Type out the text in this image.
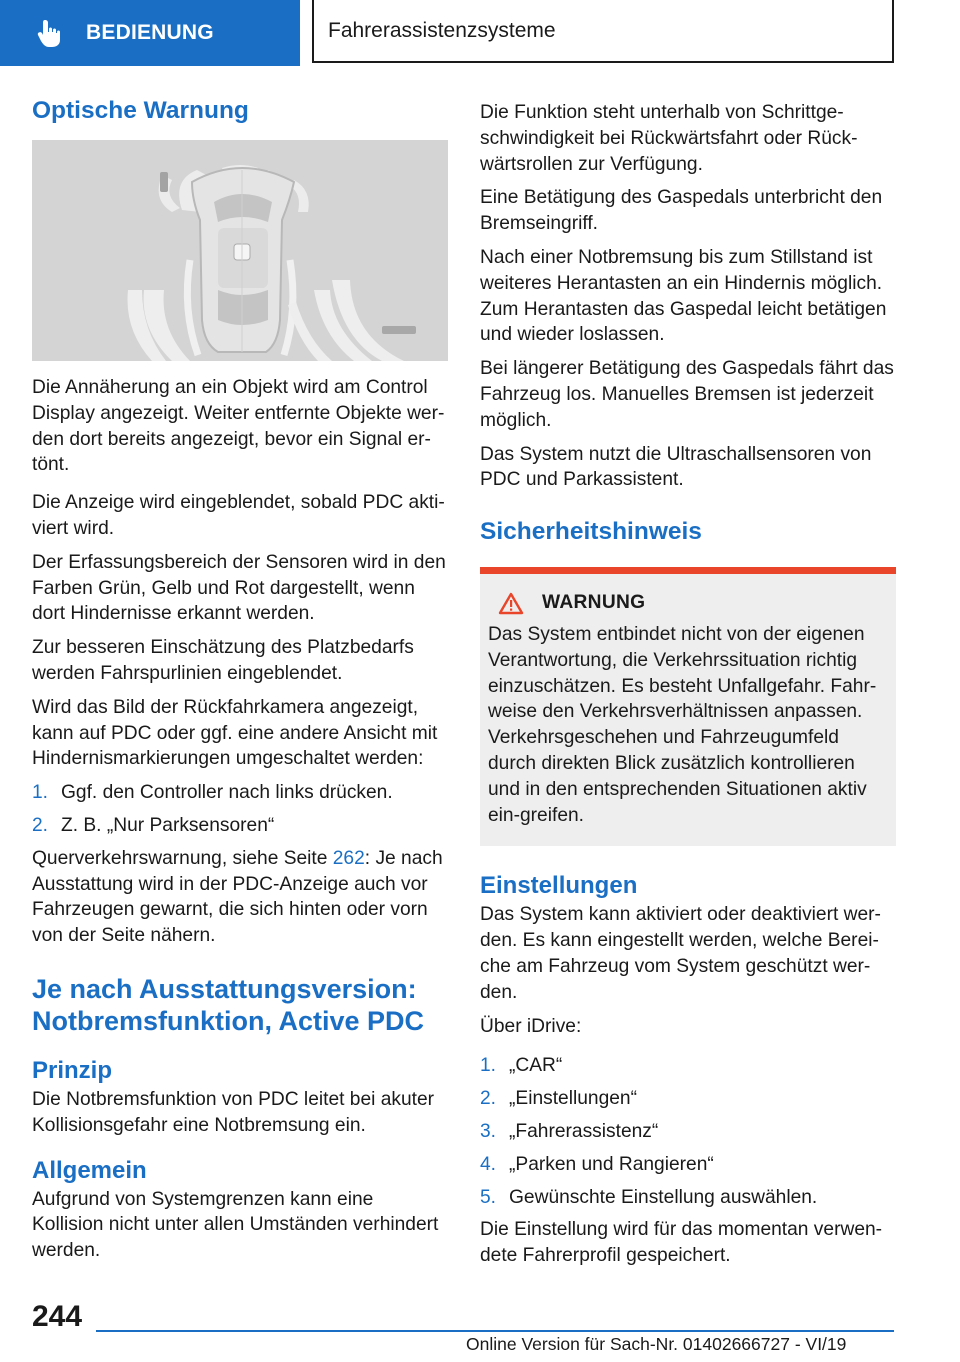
BEDIENUNG	Fahrerassistenzsysteme
Optische Warnung

Die Annäherung an ein Objekt wird am Control Display angezeigt. Weiter entfernte Objekte wer‐den dort bereits angezeigt, bevor ein Signal er‐tönt.

Die Anzeige wird eingeblendet, sobald PDC akti‐viert wird.

Der Erfassungsbereich der Sensoren wird in den Farben Grün, Gelb und Rot dargestellt, wenn dort Hindernisse erkannt werden.

Zur besseren Einschätzung des Platzbedarfs werden Fahrspurlinien eingeblendet.

Wird das Bild der Rückfahrkamera angezeigt, kann auf PDC oder ggf. eine andere Ansicht mit Hindernismarkierungen umgeschaltet werden:

1. Ggf. den Controller nach links drücken.
2. Z. B. „Nur Parksensoren“

Querverkehrswarnung, siehe Seite 262: Je nach Ausstattung wird in der PDC-Anzeige auch vor Fahrzeugen gewarnt, die sich hinten oder vorn von der Seite nähern.

Je nach Ausstattungsversion: Notbremsfunktion, Active PDC
Prinzip

Die Notbremsfunktion von PDC leitet bei akuter Kollisionsgefahr eine Notbremsung ein.

Allgemein

Aufgrund von Systemgrenzen kann eine Kollision nicht unter allen Umständen verhindert werden.

Die Funktion steht unterhalb von Schrittge‐schwindigkeit bei Rückwärtsfahrt oder Rück‐wärtsrollen zur Verfügung.

Eine Betätigung des Gaspedals unterbricht den Bremseingriff.

Nach einer Notbremsung bis zum Stillstand ist weiteres Herantasten an ein Hindernis möglich. Zum Herantasten das Gaspedal leicht betätigen und wieder loslassen.

Bei längerer Betätigung des Gaspedals fährt das Fahrzeug los. Manuelles Bremsen ist jederzeit möglich.

Das System nutzt die Ultraschallsensoren von PDC und Parkassistent.

Sicherheitshinweis
WARNUNG

Das System entbindet nicht von der eigenen Verantwortung, die Verkehrssituation richtig einzuschätzen. Es besteht Unfallgefahr. Fahr‐weise den Verkehrsverhältnissen anpassen. Verkehrsgeschehen und Fahrzeugumfeld durch direkten Blick zusätzlich kontrollieren und in den entsprechenden Situationen aktiv ein‐greifen.

Einstellungen

Das System kann aktiviert oder deaktiviert wer‐den. Es kann eingestellt werden, welche Berei‐che am Fahrzeug vom System geschützt wer‐den.

Über iDrive:

1. „CAR“
2. „Einstellungen“
3. „Fahrerassistenz“
4. „Parken und Rangieren“
5. Gewünschte Einstellung auswählen.

Die Einstellung wird für das momentan verwen‐dete Fahrerprofil gespeichert.

244
Online Version für Sach-Nr. 01402666727 - VI/19
